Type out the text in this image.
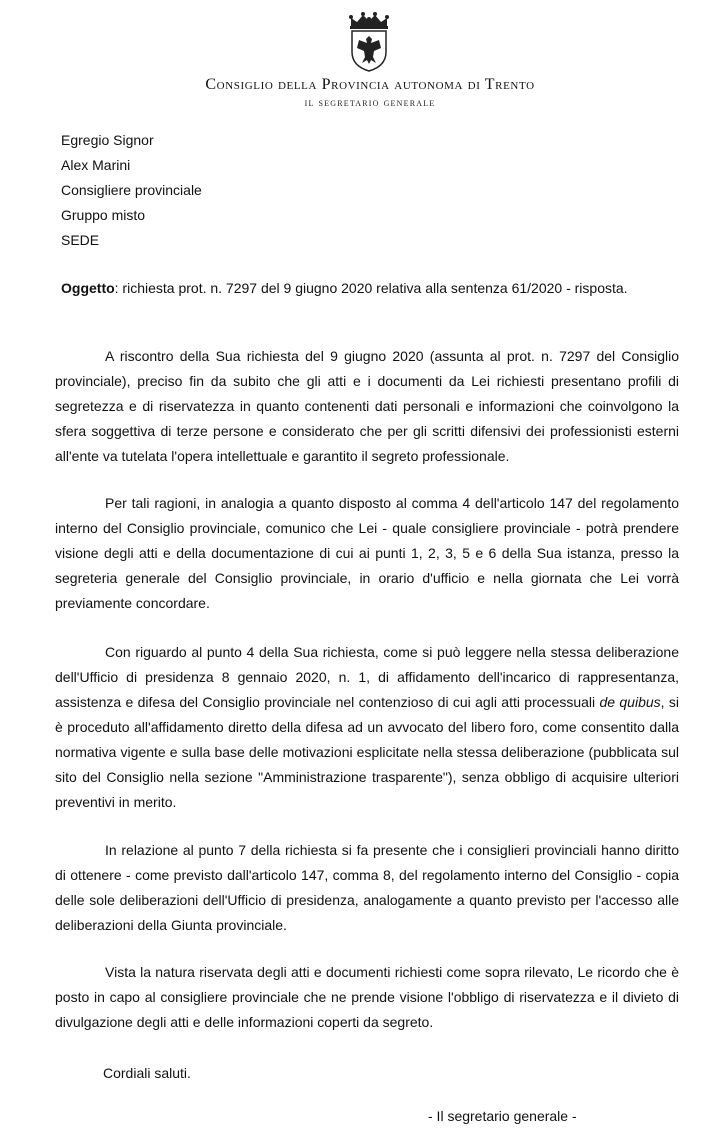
Consiglio della Provincia autonoma di Trento
il segretario generale
Egregio Signor
Alex Marini
Consigliere provinciale
Gruppo misto
SEDE
Oggetto: richiesta prot. n. 7297 del 9 giugno 2020 relativa alla sentenza 61/2020 - risposta.

A riscontro della Sua richiesta del 9 giugno 2020 (assunta al prot. n. 7297 del Consiglio provinciale), preciso fin da subito che gli atti e i documenti da Lei richiesti presentano profili di segretezza e di riservatezza in quanto contenenti dati personali e informazioni che coinvolgono la sfera soggettiva di terze persone e considerato che per gli scritti difensivi dei professionisti esterni all'ente va tutelata l'opera intellettuale e garantito il segreto professionale.

Per tali ragioni, in analogia a quanto disposto al comma 4 dell'articolo 147 del regolamento interno del Consiglio provinciale, comunico che Lei - quale consigliere provinciale - potrà prendere visione degli atti e della documentazione di cui ai punti 1, 2, 3, 5 e 6 della Sua istanza, presso la segreteria generale del Consiglio provinciale, in orario d'ufficio e nella giornata che Lei vorrà previamente concordare.

Con riguardo al punto 4 della Sua richiesta, come si può leggere nella stessa deliberazione dell'Ufficio di presidenza 8 gennaio 2020, n. 1, di affidamento dell'incarico di rappresentanza, assistenza e difesa del Consiglio provinciale nel contenzioso di cui agli atti processuali de quibus, si è proceduto all'affidamento diretto della difesa ad un avvocato del libero foro, come consentito dalla normativa vigente e sulla base delle motivazioni esplicitate nella stessa deliberazione (pubblicata sul sito del Consiglio nella sezione "Amministrazione trasparente"), senza obbligo di acquisire ulteriori preventivi in merito.

In relazione al punto 7 della richiesta si fa presente che i consiglieri provinciali hanno diritto di ottenere - come previsto dall'articolo 147, comma 8, del regolamento interno del Consiglio - copia delle sole deliberazioni dell'Ufficio di presidenza, analogamente a quanto previsto per l'accesso alle deliberazioni della Giunta provinciale.

Vista la natura riservata degli atti e documenti richiesti come sopra rilevato, Le ricordo che è posto in capo al consigliere provinciale che ne prende visione l'obbligo di riservatezza e il divieto di divulgazione degli atti e delle informazioni coperti da segreto.

Cordiali saluti.
- Il segretario generale -
